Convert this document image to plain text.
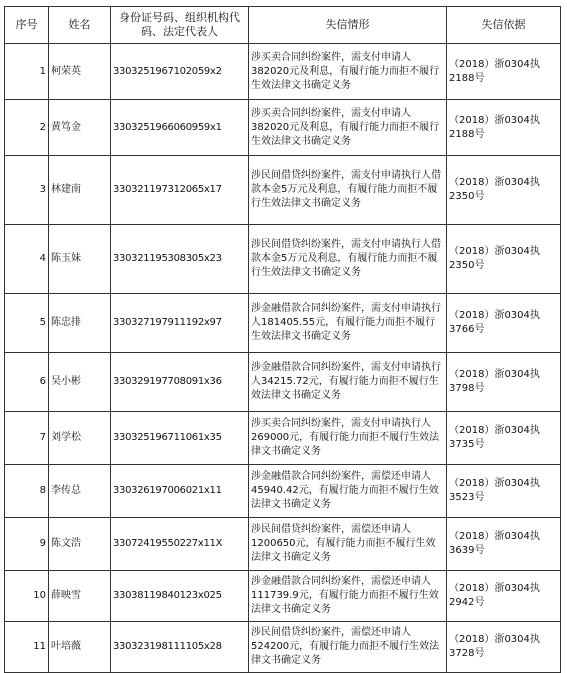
序号	姓名	身份证号码、组织机构代码、法定代表人	失信情形	失信依据
1	柯荣英	330325196710205​9x2	涉买卖合同纠纷案件，需支付申请人382020元及利息，有履行能力而拒不履行生效法律文书确定义务	（2018）浙0304执2188号
2	黄笃金	330325196606095​9x1	涉买卖合同纠纷案件，需支付申请人382020元及利息，有履行能力而拒不履行生效法律文书确定义务	（2018）浙0304执2188号
3	林建南	330321197312065x17	涉民间借贷纠纷案件，需支付申请执行人借款本金5万元及利息，有履行能力而拒不履行生效法律文书确定义务	（2018）浙0304执2350号
4	陈玉妹	330321195308305x23	涉民间借贷纠纷案件，需支付申请执行人借款本金5万元及利息，有履行能力而拒不履行生效法律文书确定义务	（2018）浙0304执2350号
5	陈忠排	330327197911192x97	涉金融借款合同纠纷案件，需支付申请执行人181405.55元，有履行能力而拒不履行生效法律文书确定义务	（2018）浙0304执3766号
6	吴小彬	330329197708091x36	涉金融借款合同纠纷案件，需支付申请执行人34215.72元，有履行能力而拒不履行生效法律文书确定义务	（2018）浙0304执3798号
7	刘学松	330325196711061x35	涉买卖合同纠纷案件，需支付申请执行人269000元，有履行能力而拒不履行生效法律文书确定义务	（2018）浙0304执3735号
8	李传总	330326197006021x11	涉金融借款合同纠纷案件，需偿还申请人45940.42元，有履行能力而拒不履行生效法律文书确定义务	（2018）浙0304执3523号
9	陈文浩	330724195502​27x11X	涉民间借贷纠纷案件，需偿还申请人1200650元，有履行能力而拒不履行生效法律文书确定义务	（2018）浙0304执3639号
10	薛映雪	330381198401​23x025	涉金融借款合同纠纷案件，需偿还申请人111739.9元，有履行能力而拒不履行生效法律文书确定义务	（2018）浙0304执2942号
11	叶培薇	330323198111105x28	涉民间借贷纠纷案件，需偿还申请人524200元，有履行能力而拒不履行生效法律文书确定义务	（2018）浙0304执3728号
